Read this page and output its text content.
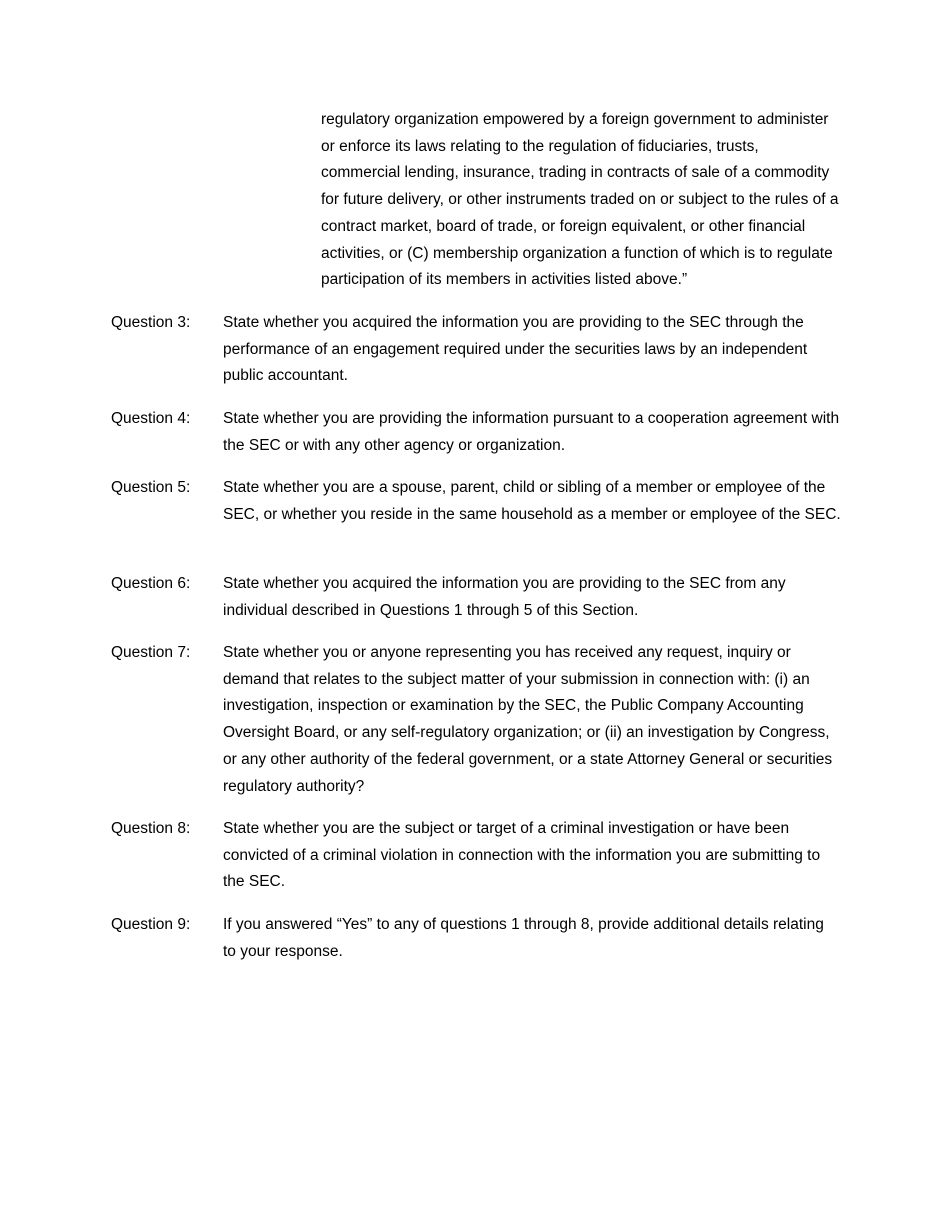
regulatory organization empowered by a foreign government to administer or enforce its laws relating to the regulation of fiduciaries, trusts, commercial lending, insurance, trading in contracts of sale of a commodity for future delivery, or other instruments traded on or subject to the rules of a contract market, board of trade, or foreign equivalent, or other financial activities, or (C) membership organization a function of which is to regulate participation of its members in activities listed above.”

Question 3:	State whether you acquired the information you are providing to the SEC through the performance of an engagement required under the securities laws by an independent public accountant.

Question 4:	State whether you are providing the information pursuant to a cooperation agreement with the SEC or with any other agency or organization.

Question 5:	State whether you are a spouse, parent, child or sibling of a member or employee of the SEC, or whether you reside in the same household as a member or employee of the SEC.

Question 6:	State whether you acquired the information you are providing to the SEC from any individual described in Questions 1 through 5 of this Section.

Question 7:	State whether you or anyone representing you has received any request, inquiry or demand that relates to the subject matter of your submission in connection with: (i) an investigation, inspection or examination by the SEC, the Public Company Accounting Oversight Board, or any self-regulatory organization; or (ii) an investigation by Congress, or any other authority of the federal government, or a state Attorney General or securities regulatory authority?

Question 8:	State whether you are the subject or target of a criminal investigation or have been convicted of a criminal violation in connection with the information you are submitting to the SEC.

Question 9:	If you answered “Yes” to any of questions 1 through 8, provide additional details relating to your response.
